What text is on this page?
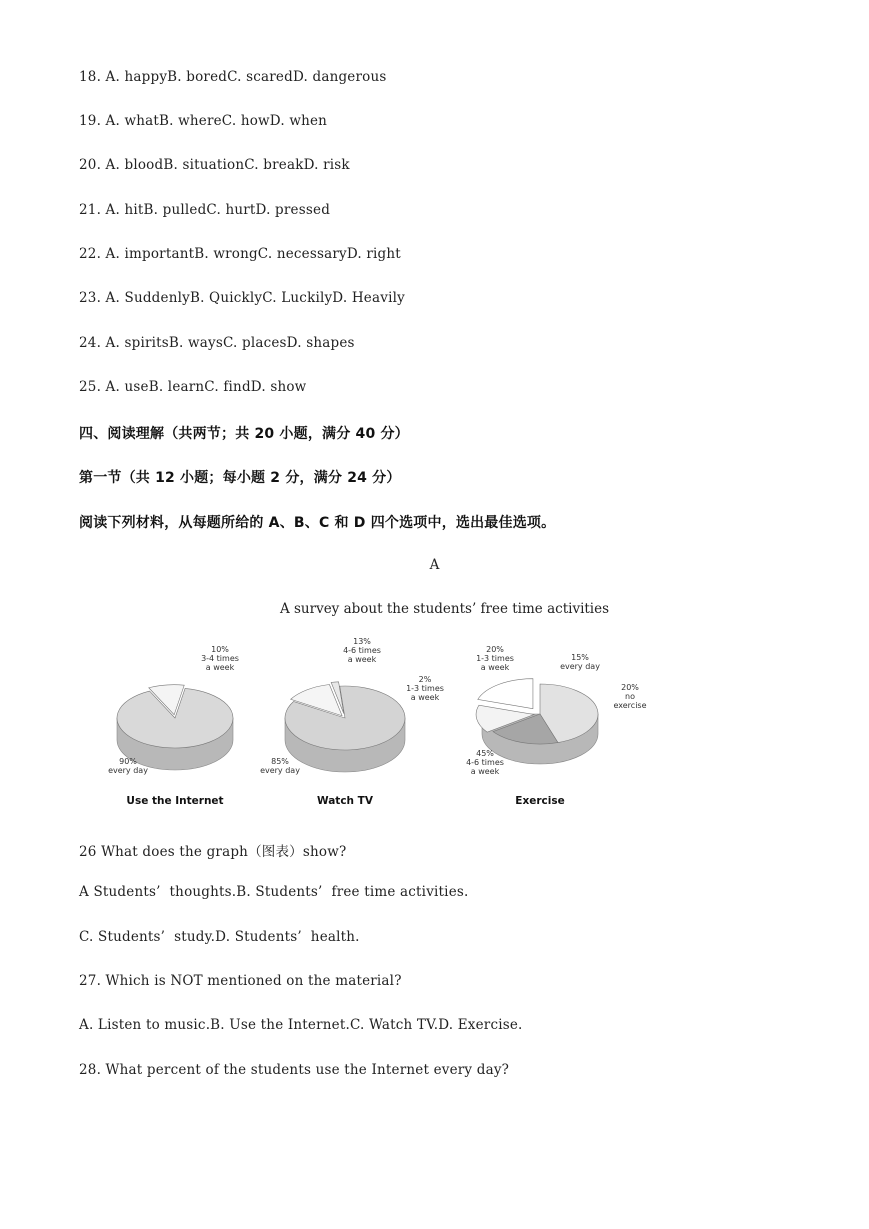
18. A. happyB. boredC. scaredD. dangerous
19. A. whatB. whereC. howD. when
20. A. bloodB. situationC. breakD. risk
21. A. hitB. pulledC. hurtD. pressed
22. A. importantB. wrongC. necessaryD. right
23. A. SuddenlyB. QuicklyC. LuckilyD. Heavily
24. A. spiritsB. waysC. placesD. shapes
25. A. useB. learnC. findD. show
四、阅读理解（共两节；共 20 小题，满分 40 分）
第一节（共 12 小题；每小题 2 分，满分 24 分）
阅读下列材料，从每题所给的 A、B、C 和 D 四个选项中，选出最佳选项。
A
A survey about the students’ free time activities
90% every day
10% 3-4 times a week
Use the Internet
85% every day
13% 4-6 times a week
2% 1-3 times a week
Watch TV
45% 4-6 times a week
20% 1-3 times a week
15% every day
20% no exercise
Exercise
26 What does the graph（图表）show?
A Students’  thoughts.B. Students’  free time activities.
C. Students’  study.D. Students’  health.
27. Which is NOT mentioned on the material?
A. Listen to music.B. Use the Internet.C. Watch TV.D. Exercise.
28. What percent of the students use the Internet every day?
